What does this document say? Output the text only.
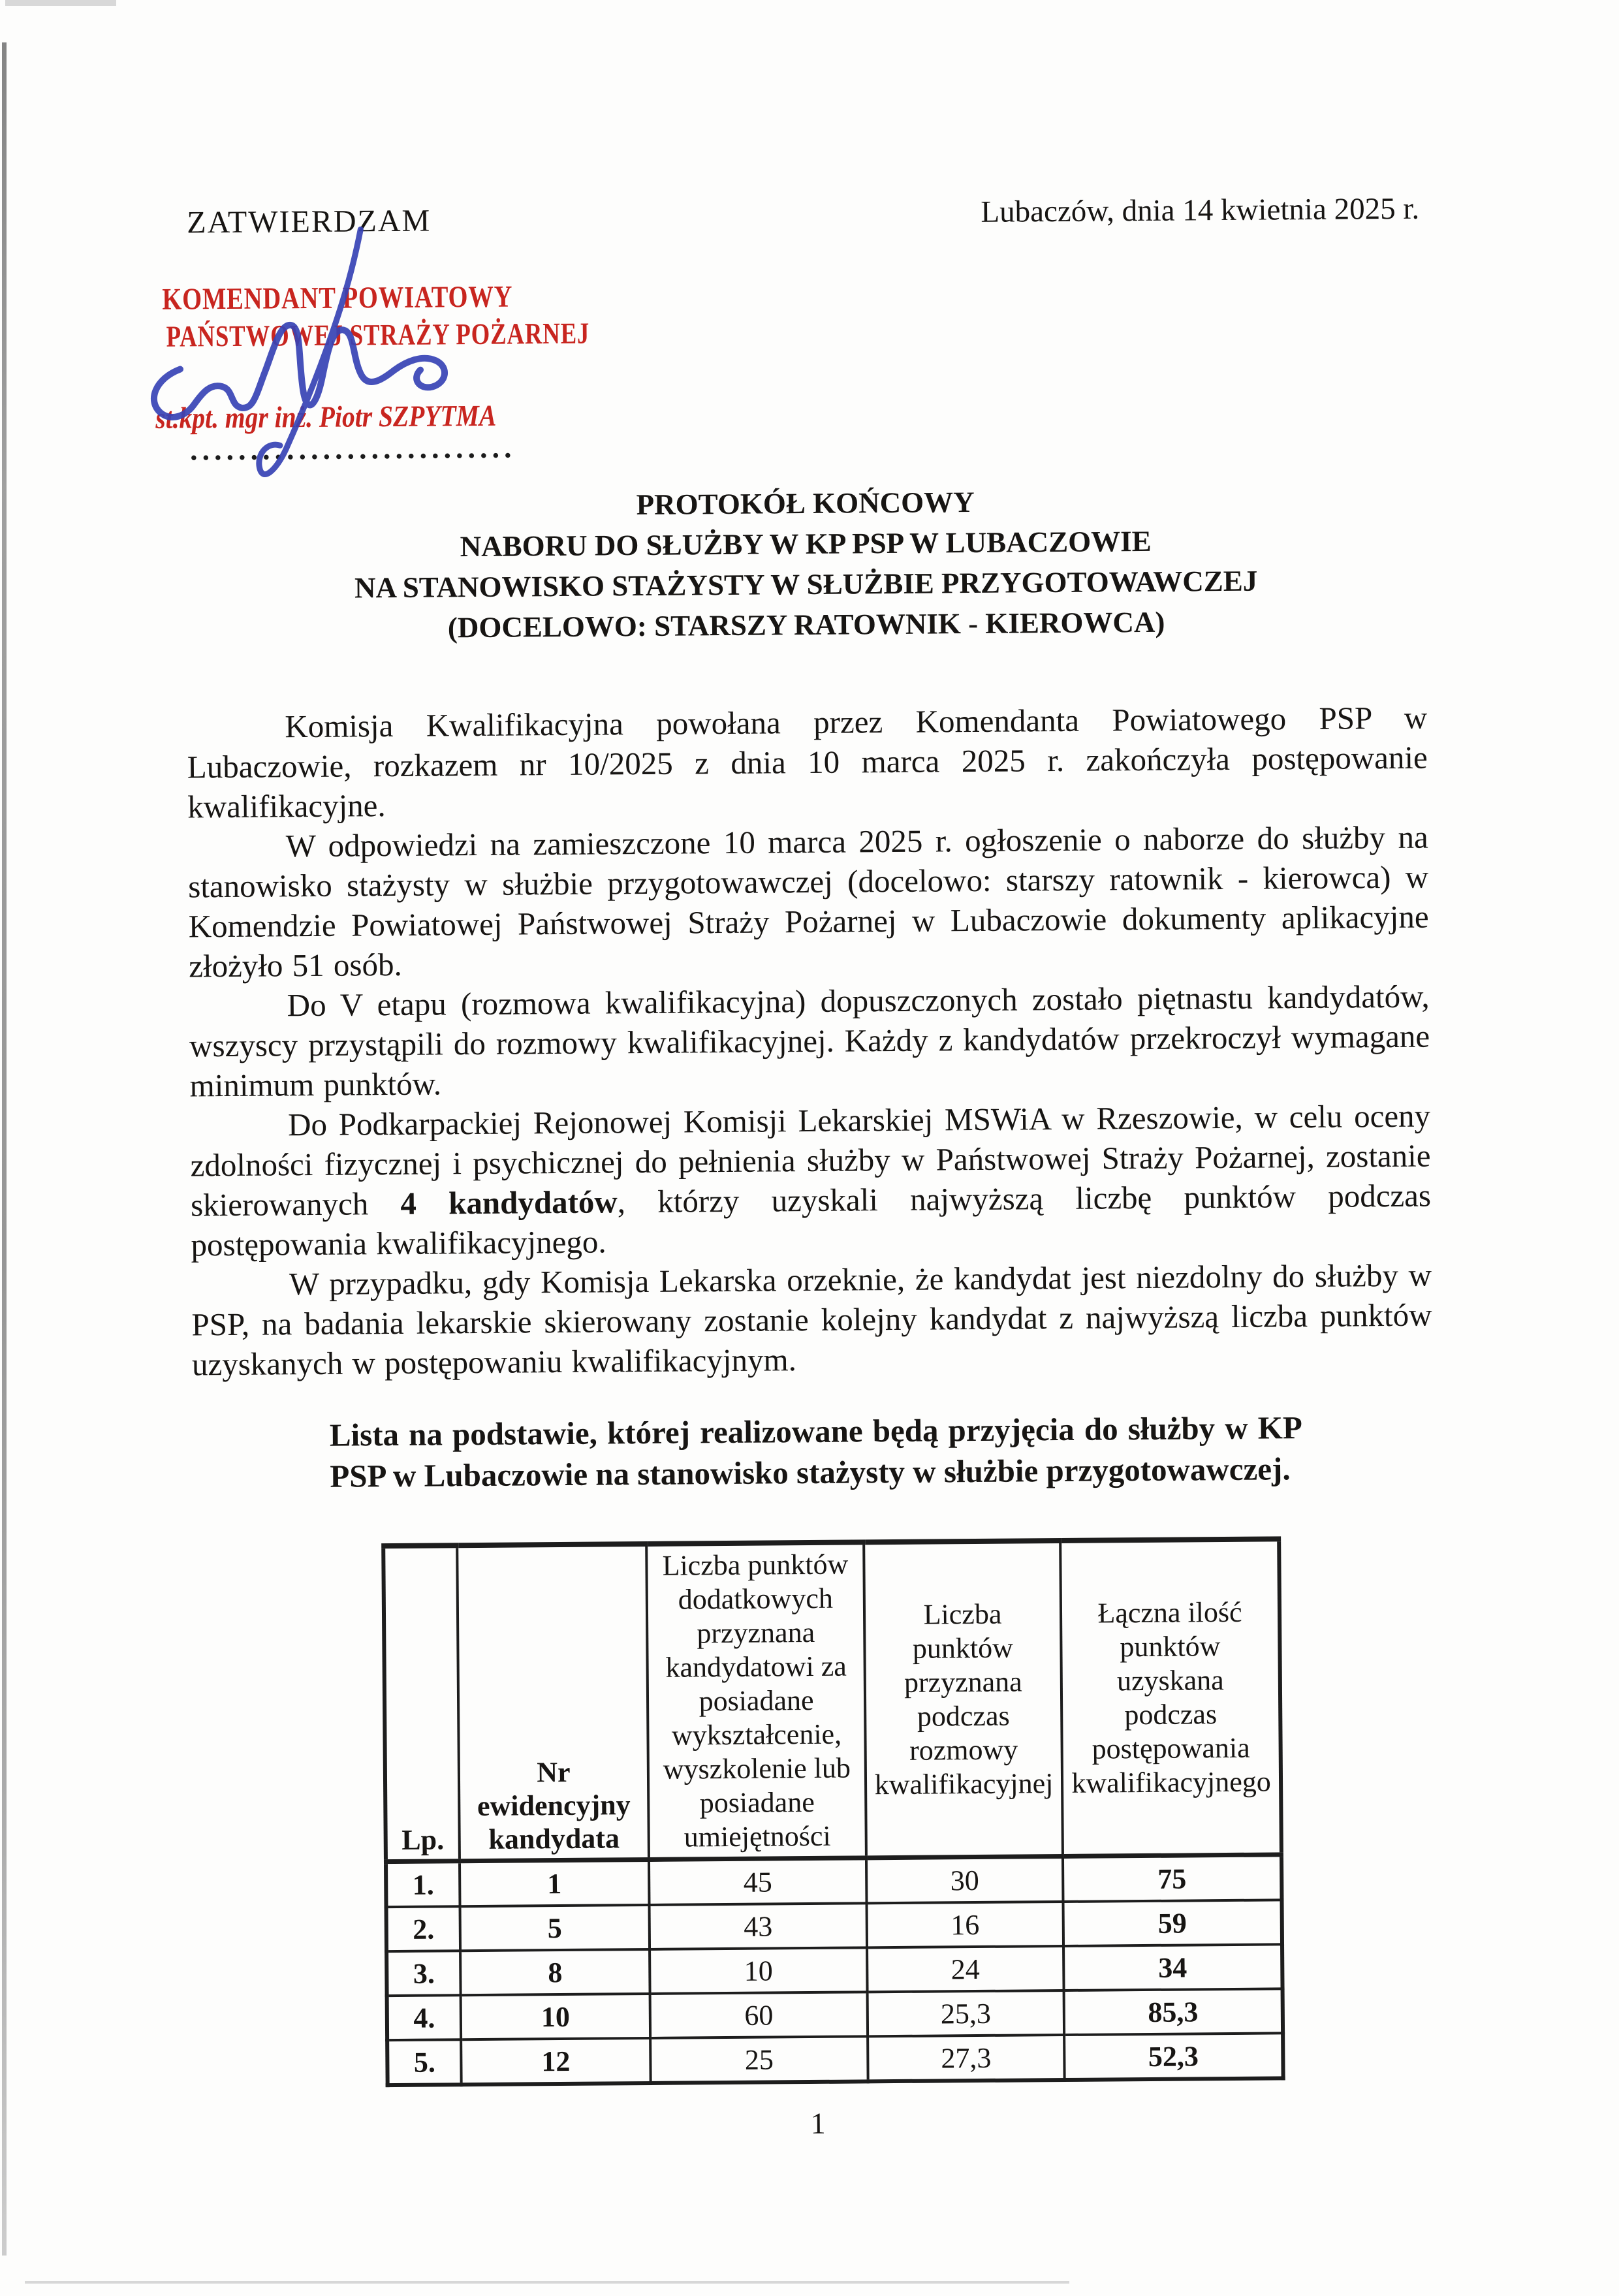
ZATWIERDZAM	Lubaczów, dnia 14 kwietnia 2025 r.
KOMENDANT POWIATOWY
PAŃSTWOWEJ STRAŻY POŻARNEJ
st.kpt. mgr inż. Piotr SZPYTMA
...........................
PROTOKÓŁ KOŃCOWY
NABORU DO SŁUŻBY W KP PSP W LUBACZOWIE
NA STANOWISKO STAŻYSTY W SŁUŻBIE PRZYGOTOWAWCZEJ
(DOCELOWO: STARSZY RATOWNIK - KIEROWCA)

Komisja Kwalifikacyjna powołana przez Komendanta Powiatowego PSP w Lubaczowie, rozkazem nr 10/2025 z dnia 10 marca 2025 r. zakończyła postępowanie kwalifikacyjne.

W odpowiedzi na zamieszczone 10 marca 2025 r. ogłoszenie o naborze do służby na stanowisko stażysty w służbie przygotowawczej (docelowo: starszy ratownik - kierowca) w Komendzie Powiatowej Państwowej Straży Pożarnej w Lubaczowie dokumenty aplikacyjne złożyło 51 osób.

Do V etapu (rozmowa kwalifikacyjna) dopuszczonych zostało piętnastu kandydatów, wszyscy przystąpili do rozmowy kwalifikacyjnej. Każdy z kandydatów przekroczył wymagane minimum punktów.

Do Podkarpackiej Rejonowej Komisji Lekarskiej MSWiA w Rzeszowie, w celu oceny zdolności fizycznej i psychicznej do pełnienia służby w Państwowej Straży Pożarnej, zostanie skierowanych 4 kandydatów, którzy uzyskali najwyższą liczbę punktów podczas postępowania kwalifikacyjnego.

W przypadku, gdy Komisja Lekarska orzeknie, że kandydat jest niezdolny do służby w PSP, na badania lekarskie skierowany zostanie kolejny kandydat z najwyższą liczba punktów uzyskanych w postępowaniu kwalifikacyjnym.

Lista na podstawie, której realizowane będą przyjęcia do służby w KP PSP w Lubaczowie na stanowisko stażysty w służbie przygotowawczej.

Lp.	Nr ewidencyjny kandydata	Liczba punktów dodatkowych przyznana kandydatowi za posiadane wykształcenie, wyszkolenie lub posiadane umiejętności	Liczba punktów przyznana podczas rozmowy kwalifikacyjnej	Łączna ilość punktów uzyskana podczas postępowania kwalifikacyjnego
1.	1	45	30	75
2.	5	43	16	59
3.	8	10	24	34
4.	10	60	25,3	85,3
5.	12	25	27,3	52,3
1
